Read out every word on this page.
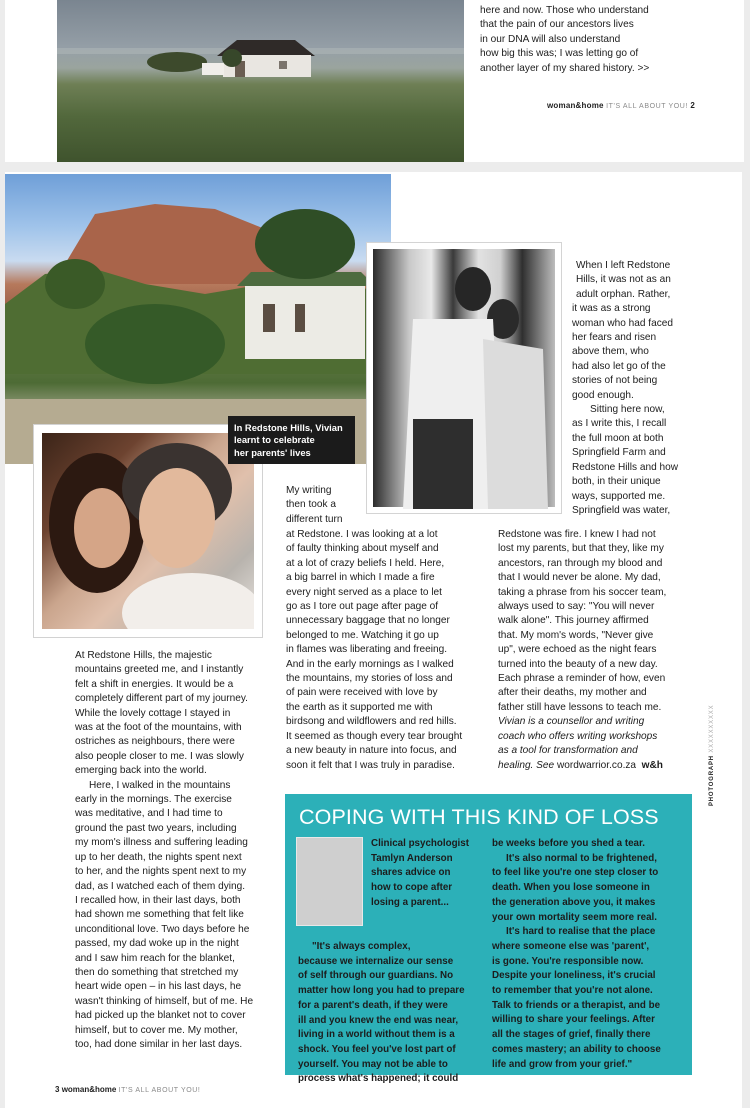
here and now. Those who understand

that the pain of our ancestors lives

in our DNA will also understand

how big this was; I was letting go of

another layer of my shared history. >>

woman&home IT'S ALL ABOUT YOU! 2

In Redstone Hills, Vivian

learnt to celebrate

her parents' lives

At Redstone Hills, the majestic

mountains greeted me, and I instantly

felt a shift in energies. It would be a

completely different part of my journey.

While the lovely cottage I stayed in

was at the foot of the mountains, with

ostriches as neighbours, there were

also people closer to me. I was slowly

emerging back into the world.

Here, I walked in the mountains

early in the mornings. The exercise

was meditative, and I had time to

ground the past two years, including

my mom's illness and suffering leading

up to her death, the nights spent next

to her, and the nights spent next to my

dad, as I watched each of them dying.

I recalled how, in their last days, both

had shown me something that felt like

unconditional love. Two days before he

passed, my dad woke up in the night

and I saw him reach for the blanket,

then do something that stretched my

heart wide open – in his last days, he

wasn't thinking of himself, but of me. He

had picked up the blanket not to cover

himself, but to cover me. My mother,

too, had done similar in her last days.

My writing

then took a

different turn

at Redstone. I was looking at a lot

of faulty thinking about myself and

at a lot of crazy beliefs I held. Here,

a big barrel in which I made a fire

every night served as a place to let

go as I tore out page after page of

unnecessary baggage that no longer

belonged to me. Watching it go up

in flames was liberating and freeing.

And in the early mornings as I walked

the mountains, my stories of loss and

of pain were received with love by

the earth as it supported me with

birdsong and wildflowers and red hills.

It seemed as though every tear brought

a new beauty in nature into focus, and

soon it felt that I was truly in paradise.

When I left Redstone

Hills, it was not as an

adult orphan. Rather,

it was as a strong

woman who had faced

her fears and risen

above them, who

had also let go of the

stories of not being

good enough.

Sitting here now,

as I write this, I recall

the full moon at both

Springfield Farm and

Redstone Hills and how

both, in their unique

ways, supported me.

Springfield was water,

Redstone was fire. I knew I had not

lost my parents, but that they, like my

ancestors, ran through my blood and

that I would never be alone. My dad,

taking a phrase from his soccer team,

always used to say: "You will never

walk alone". This journey affirmed

that. My mom's words, "Never give

up", were echoed as the night fears

turned into the beauty of a new day.

Each phrase a reminder of how, even

after their deaths, my mother and

father still have lessons to teach me.

Vivian is a counsellor and writing

coach who offers writing workshops

as a tool for transformation and

healing. See wordwarrior.co.za w&h	PHOTOGRAPH XXXXXXXXXX
COPING WITH THIS KIND OF LOSS

Clinical psychologist

Tamlyn Anderson

shares advice on

how to cope after

losing a parent...

"It's always complex,

because we internalize our sense

of self through our guardians. No

matter how long you had to prepare

for a parent's death, if they were

ill and you knew the end was near,

living in a world without them is a

shock. You feel you've lost part of

yourself. You may not be able to

process what's happened; it could

be weeks before you shed a tear.

It's also normal to be frightened,

to feel like you're one step closer to

death. When you lose someone in

the generation above you, it makes

your own mortality seem more real.

It's hard to realise that the place

where someone else was 'parent',

is gone. You're responsible now.

Despite your loneliness, it's crucial

to remember that you're not alone.

Talk to friends or a therapist, and be

willing to share your feelings. After

all the stages of grief, finally there

comes mastery; an ability to choose

life and grow from your grief."

3 woman&home IT'S ALL ABOUT YOU!
